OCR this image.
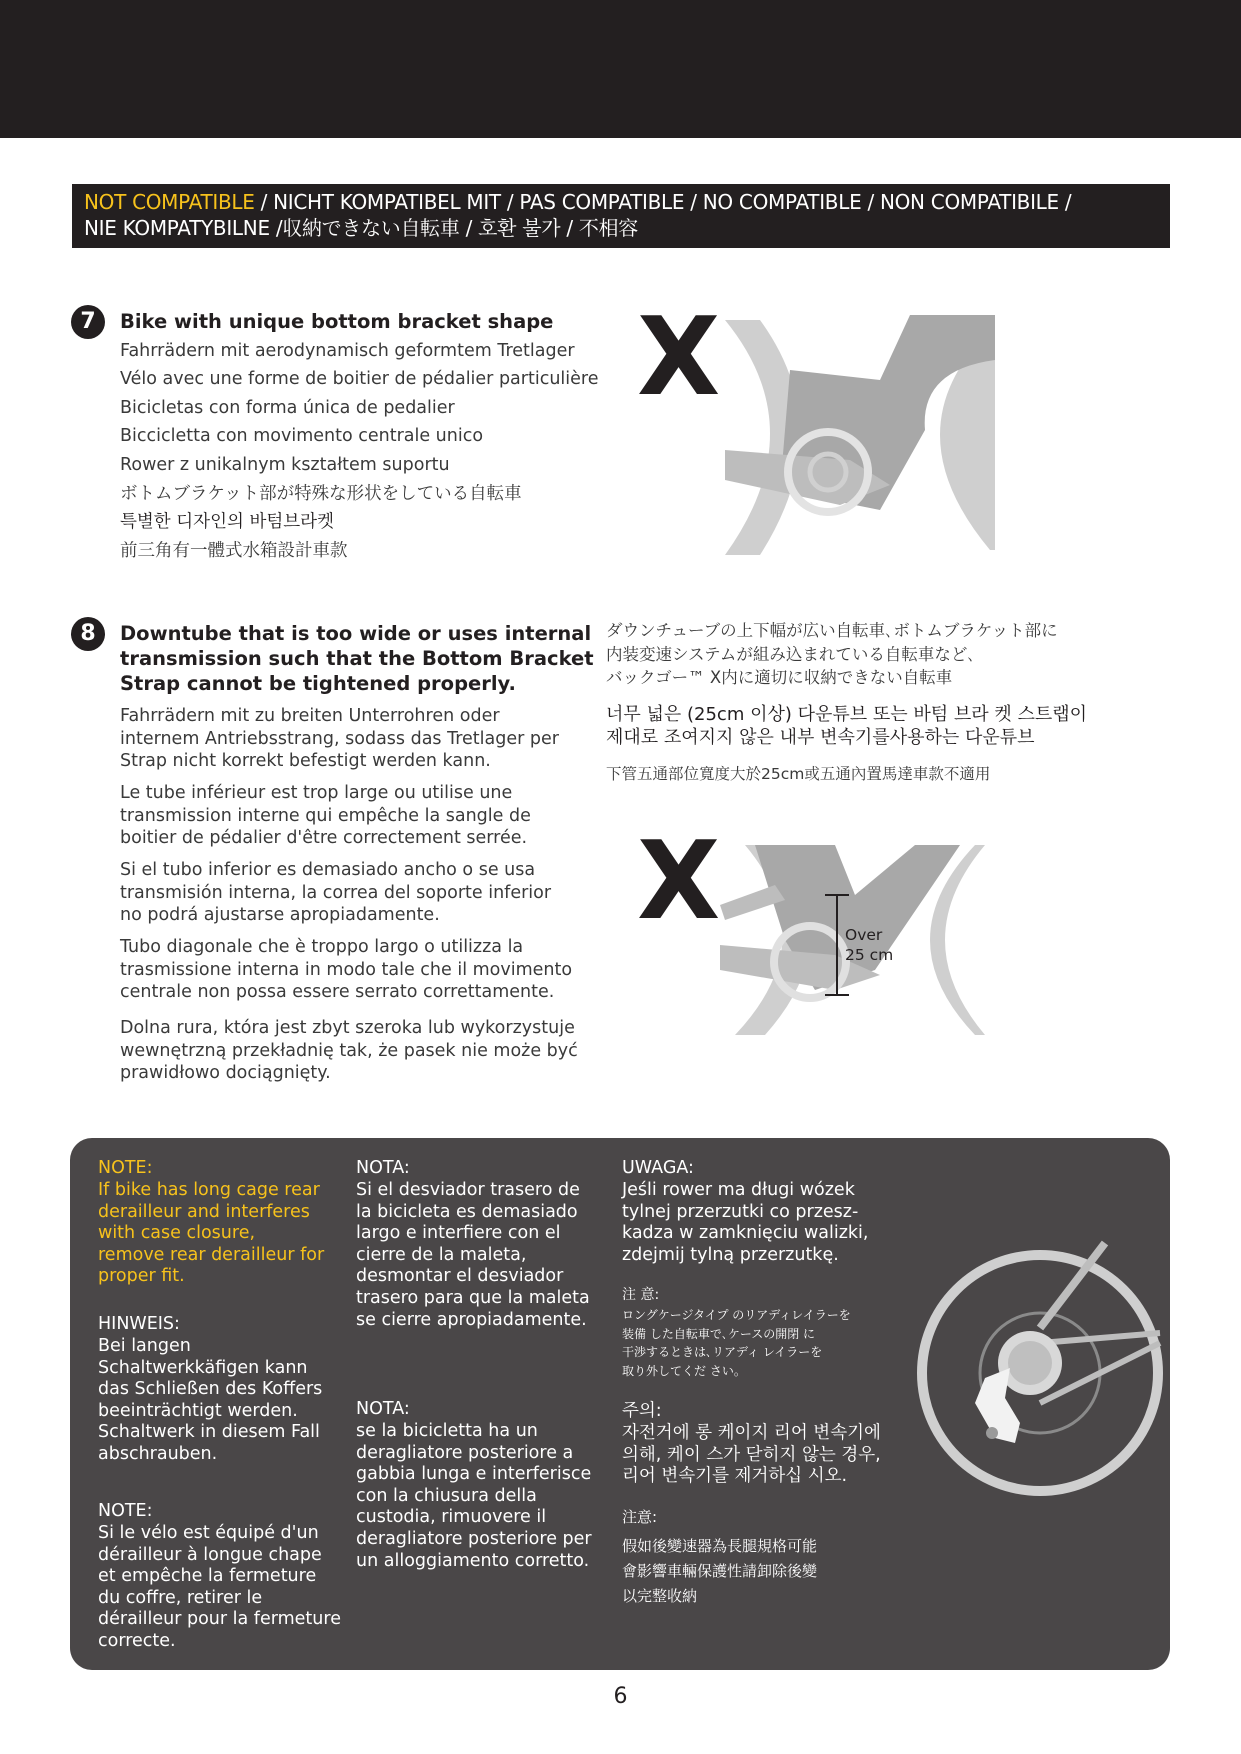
NOT COMPATIBLE / NICHT KOMPATIBEL MIT / PAS COMPATIBLE / NO COMPATIBLE / NON COMPATIBILE /
NIE KOMPATYBILNE /収納できない自転車 / 호환 불가 / 不相容
7	Bike with unique bottom bracket shape
Fahrrädern mit aerodynamisch geformtem Tretlager
Vélo avec une forme de boitier de pédalier particulière
Bicicletas con forma única de pedalier
Biccicletta con movimento centrale unico
Rower z unikalnym kształtem suportu
ボトムブラケット部が特殊な形状をしている自転車
특별한 디자인의 바텀브라켓
前三角有一體式水箱設計車款
X
8	Downtube that is too wide or uses internal
transmission such that the Bottom Bracket
Strap cannot be tightened properly.
Fahrrädern mit zu breiten Unterrohren oder
internem Antriebsstrang, sodass das Tretlager per
Strap nicht korrekt befestigt werden kann.
Le tube inférieur est trop large ou utilise une
transmission interne qui empêche la sangle de
boitier de pédalier d'être correctement serrée.
Si el tubo inferior es demasiado ancho o se usa
transmisión interna, la correa del soporte inferior
no podrá ajustarse apropiadamente.
Tubo diagonale che è troppo largo o utilizza la
trasmissione interna in modo tale che il movimento
centrale non possa essere serrato correttamente.
Dolna rura, która jest zbyt szeroka lub wykorzystuje
wewnętrzną przekładnię tak, że pasek nie może być
prawidłowo dociągnięty.
ダウンチューブの上下幅が広い自転車､ボトムブラケット部に
内装変速システムが組み込まれている自転車など､
バックゴー™ X内に適切に収納できない自転車
너무 넓은 (25cm 이상) 다운튜브 또는 바텀 브라 켓 스트랩이
제대로 조여지지 않은 내부 변속기를사용하는 다운튜브
下管五通部位寬度大於25cm或五通內置馬達車款不適用
X	Over
25 cm
NOTE:
If bike has long cage rear
derailleur and interferes
with case closure,
remove rear derailleur for
proper fit.
HINWEIS:
Bei langen
Schaltwerkkäfigen kann
das Schließen des Koffers
beeinträchtigt werden.
Schaltwerk in diesem Fall
abschrauben.
NOTE:
Si le vélo est équipé d'un
dérailleur à longue chape
et empêche la fermeture
du coffre, retirer le
dérailleur pour la fermeture
correcte.
NOTA:
Si el desviador trasero de
la bicicleta es demasiado
largo e interfiere con el
cierre de la maleta,
desmontar el desviador
trasero para que la maleta
se cierre apropiadamente.
NOTA:
se la bicicletta ha un
deragliatore posteriore a
gabbia lunga e interferisce
con la chiusura della
custodia, rimuovere il
deragliatore posteriore per
un alloggiamento corretto.
UWAGA:
Jeśli rower ma długi wózek
tylnej przerzutki co przesz-
kadza w zamknięciu walizki,
zdejmij tylną przerzutkę.
注 意:
ロングケージタイプ のリアディレイラーを
装備 した自転車で､ケースの開閉 に
干渉するときは､リアディ レイラーを
取り外してくだ さい｡
주의:
자전거에 롱 케이지 리어 변속기에
의해, 케이 스가 닫히지 않는 경우,
리어 변속기를 제거하십 시오.
注意:
假如後變速器為長腿規格可能
會影響車輛保護性請卸除後變
以完整收納
6
